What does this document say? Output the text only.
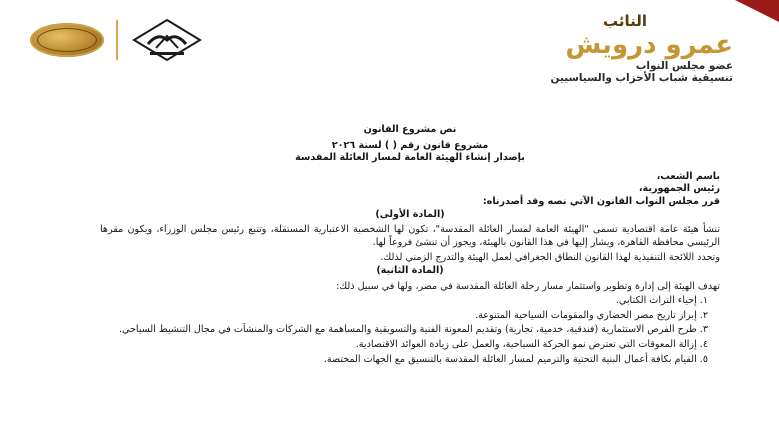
النائب
عمرو درويش
عضو مجلس النواب
تنسيقية شباب الأحزاب والسياسيين

نص مشروع القانون

مشروع قانون رقم ( ) لسنة ٢٠٢٦

بإصدار إنشاء الهيئة العامة لمسار العائلة المقدسة

باسم الشعب،

رئيس الجمهورية،

قرر مجلس النواب القانون الآتي نصه وقد أصدرناه:

(المادة الأولى)

تنشأ هيئة عامة اقتصادية تسمى "الهيئة العامة لمسار العائلة المقدسة"، تكون لها الشخصية الاعتبارية المستقلة، وتتبع رئيس مجلس الوزراء، ويكون مقرها الرئيسي محافظة القاهرة، ويشار إليها في هذا القانون بالهيئة، ويجوز أن تنشئ فروعاً لها.

وتحدد اللائحة التنفيذية لهذا القانون النطاق الجغرافي لعمل الهيئة والتدرج الزمني لذلك.

(المادة الثانية)

تهدف الهيئة إلى إدارة وتطوير واستثمار مسار رحلة العائلة المقدسة في مصر، ولها في سبيل ذلك:

١. إحياء التراث الكتابي.
٢. إبراز تاريخ مصر الحضاري والمقومات السياحية المتنوعة.
٣. طرح الفرص الاستثمارية (فندقية، خدمية، تجارية) وتقديم المعونة الفنية والتسويقية والمساهمة مع الشركات والمنشآت في مجال التنشيط السياحي.
٤. إزالة المعوقات التي تعترض نمو الحركة السياحية، والعمل على زيادة العوائد الاقتصادية.
٥. القيام بكافة أعمال البنية التحتية والترميم لمسار العائلة المقدسة بالتنسيق مع الجهات المختصة.
